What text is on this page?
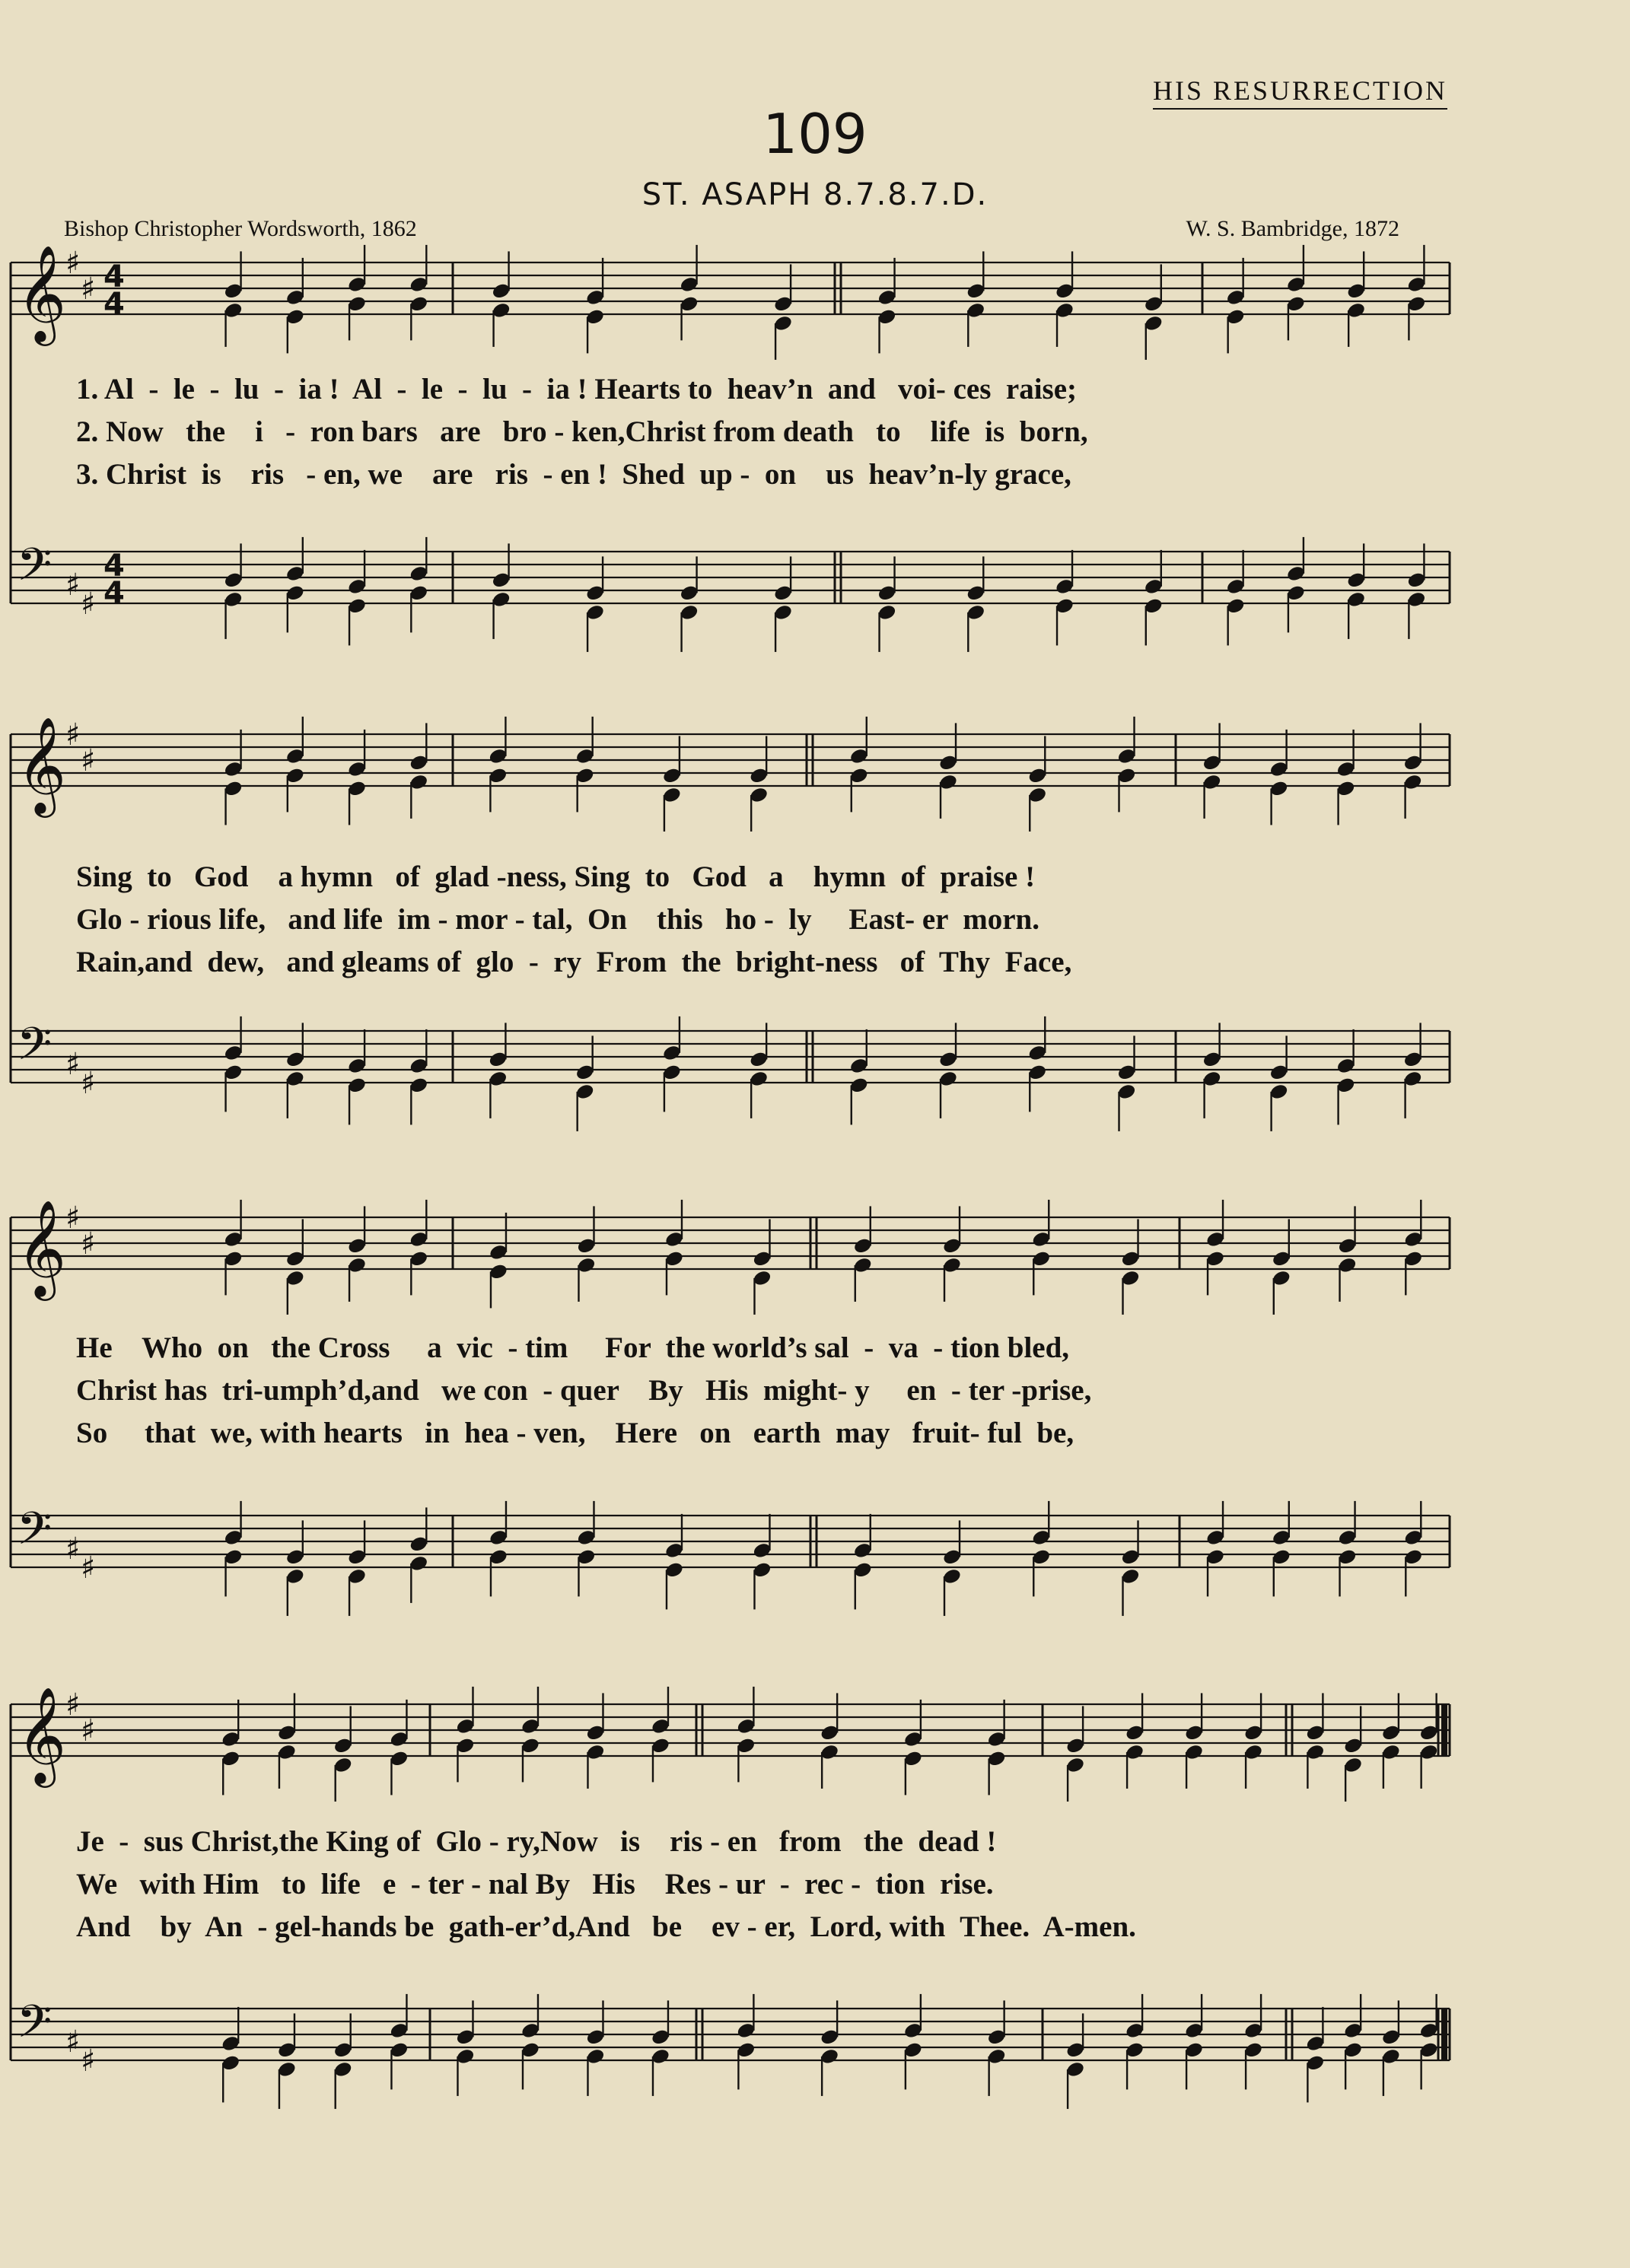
HIS RESURRECTION
109
ST. ASAPH 8.7.8.7.D.
Bishop Christopher Wordsworth, 1862	W. S. Bambridge, 1872
𝄞
♯
♯ 4
4
𝄞
♯
♯
𝄞
♯
♯
𝄞
♯
♯
𝄢 ♯
♯
4
4
𝄢 ♯
♯
𝄢 ♯
♯
𝄢 ♯
♯
1. Al  -  le  -  lu  -  ia !  Al  -  le  -  lu  -  ia ! Hearts to  heav’n  and   voi- ces  raise;
2. Now   the    i   -  ron bars   are   bro - ken,Christ from death   to    life  is  born,
3. Christ  is    ris   - en, we    are   ris  - en !  Shed  up -  on    us  heav’n-ly grace,
Sing  to   God    a hymn   of  glad -ness, Sing  to   God   a    hymn  of  praise !
Glo - rious life,   and life  im - mor - tal,  On    this   ho -  ly     East- er  morn.
Rain,and  dew,   and gleams of  glo  -  ry  From  the  bright-ness   of  Thy  Face,
He    Who  on   the Cross     a  vic  - tim     For  the world’s sal  -  va  - tion bled,
Christ has  tri-umph’d,and   we con  - quer    By   His  might- y     en  - ter -prise,
So     that  we, with hearts   in  hea - ven,    Here   on   earth  may   fruit- ful  be,
Je  -  sus Christ,the King of  Glo - ry,Now   is    ris - en   from   the  dead !
We   with Him   to  life   e  - ter - nal By   His    Res - ur  -  rec -  tion  rise.
And    by  An  - gel-hands be  gath-er’d,And   be    ev - er,  Lord, with  Thee.  A-men.
